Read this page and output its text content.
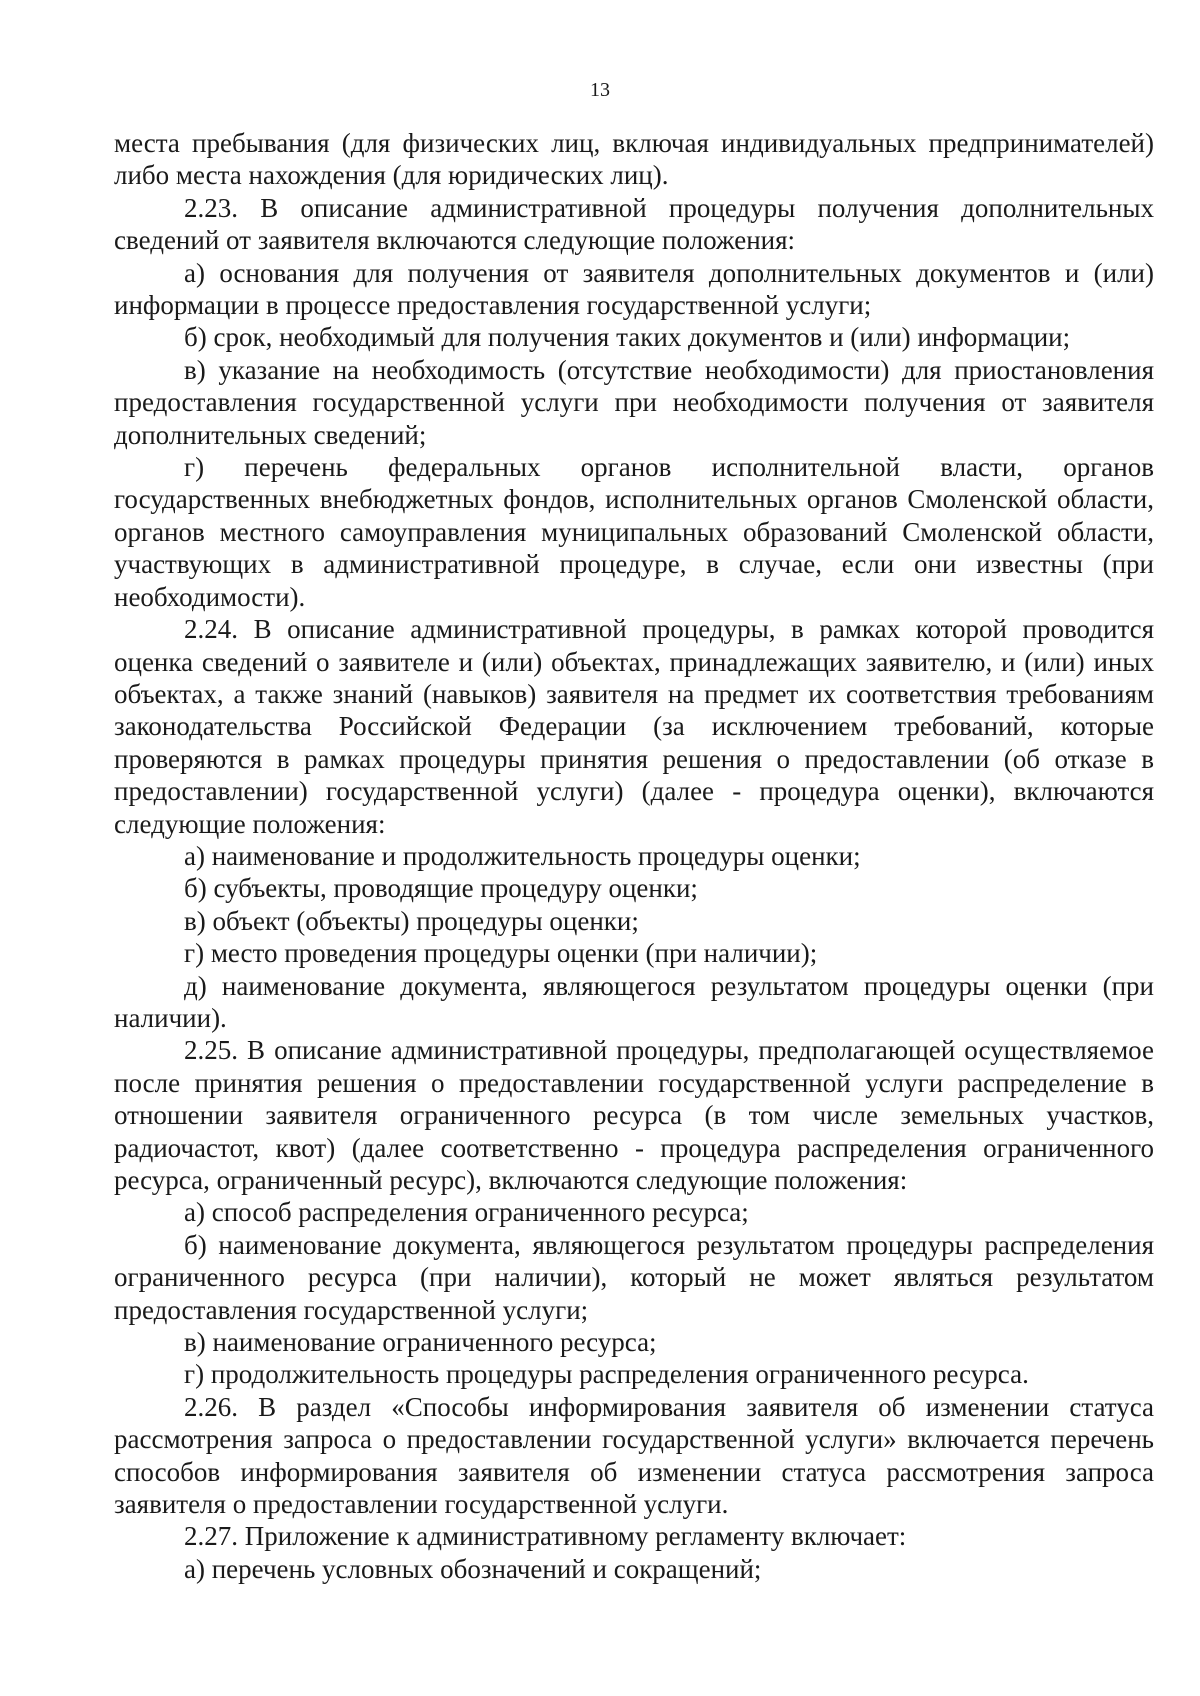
13

места пребывания (для физических лиц, включая индивидуальных предпринимателей) либо места нахождения (для юридических лиц).

2.23. В описание административной процедуры получения дополнительных сведений от заявителя включаются следующие положения:

а) основания для получения от заявителя дополнительных документов и (или) информации в процессе предоставления государственной услуги;

б) срок, необходимый для получения таких документов и (или) информации;

в) указание на необходимость (отсутствие необходимости) для приостановления предоставления государственной услуги при необходимости получения от заявителя дополнительных сведений;

г) перечень федеральных органов исполнительной власти, органов государственных внебюджетных фондов, исполнительных органов Смоленской области, органов местного самоуправления муниципальных образований Смоленской области, участвующих в административной процедуре, в случае, если они известны (при необходимости).

2.24. В описание административной процедуры, в рамках которой проводится оценка сведений о заявителе и (или) объектах, принадлежащих заявителю, и (или) иных объектах, а также знаний (навыков) заявителя на предмет их соответствия требованиям законодательства Российской Федерации (за исключением требований, которые проверяются в рамках процедуры принятия решения о предоставлении (об отказе в предоставлении) государственной услуги) (далее - процедура оценки), включаются следующие положения:

а) наименование и продолжительность процедуры оценки;

б) субъекты, проводящие процедуру оценки;

в) объект (объекты) процедуры оценки;

г) место проведения процедуры оценки (при наличии);

д) наименование документа, являющегося результатом процедуры оценки (при наличии).

2.25. В описание административной процедуры, предполагающей осуществляемое после принятия решения о предоставлении государственной услуги распределение в отношении заявителя ограниченного ресурса (в том числе земельных участков, радиочастот, квот) (далее соответственно - процедура распределения ограниченного ресурса, ограниченный ресурс), включаются следующие положения:

а) способ распределения ограниченного ресурса;

б) наименование документа, являющегося результатом процедуры распределения ограниченного ресурса (при наличии), который не может являться результатом предоставления государственной услуги;

в) наименование ограниченного ресурса;

г) продолжительность процедуры распределения ограниченного ресурса.

2.26. В раздел «Способы информирования заявителя об изменении статуса рассмотрения запроса о предоставлении государственной услуги» включается перечень способов информирования заявителя об изменении статуса рассмотрения запроса заявителя о предоставлении государственной услуги.

2.27. Приложение к административному регламенту включает:

а) перечень условных обозначений и сокращений;
